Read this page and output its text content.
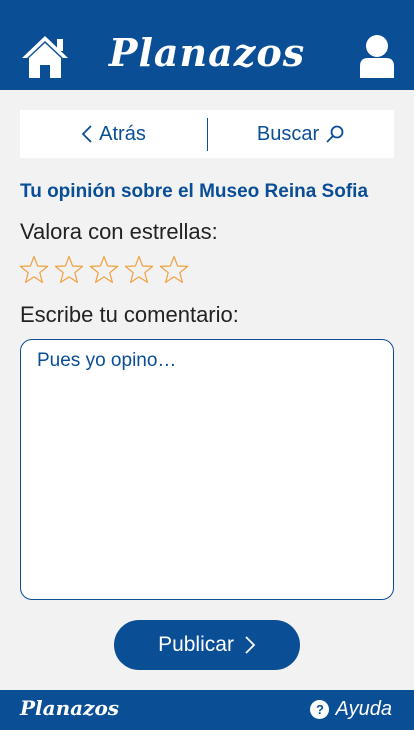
Planazos
Atrás	Buscar
Tu opinión sobre el Museo Reina Sofia
Valora con estrellas:
Escribe tu comentario:
Pues yo opino…
Publicar
Planazos	? Ayuda
